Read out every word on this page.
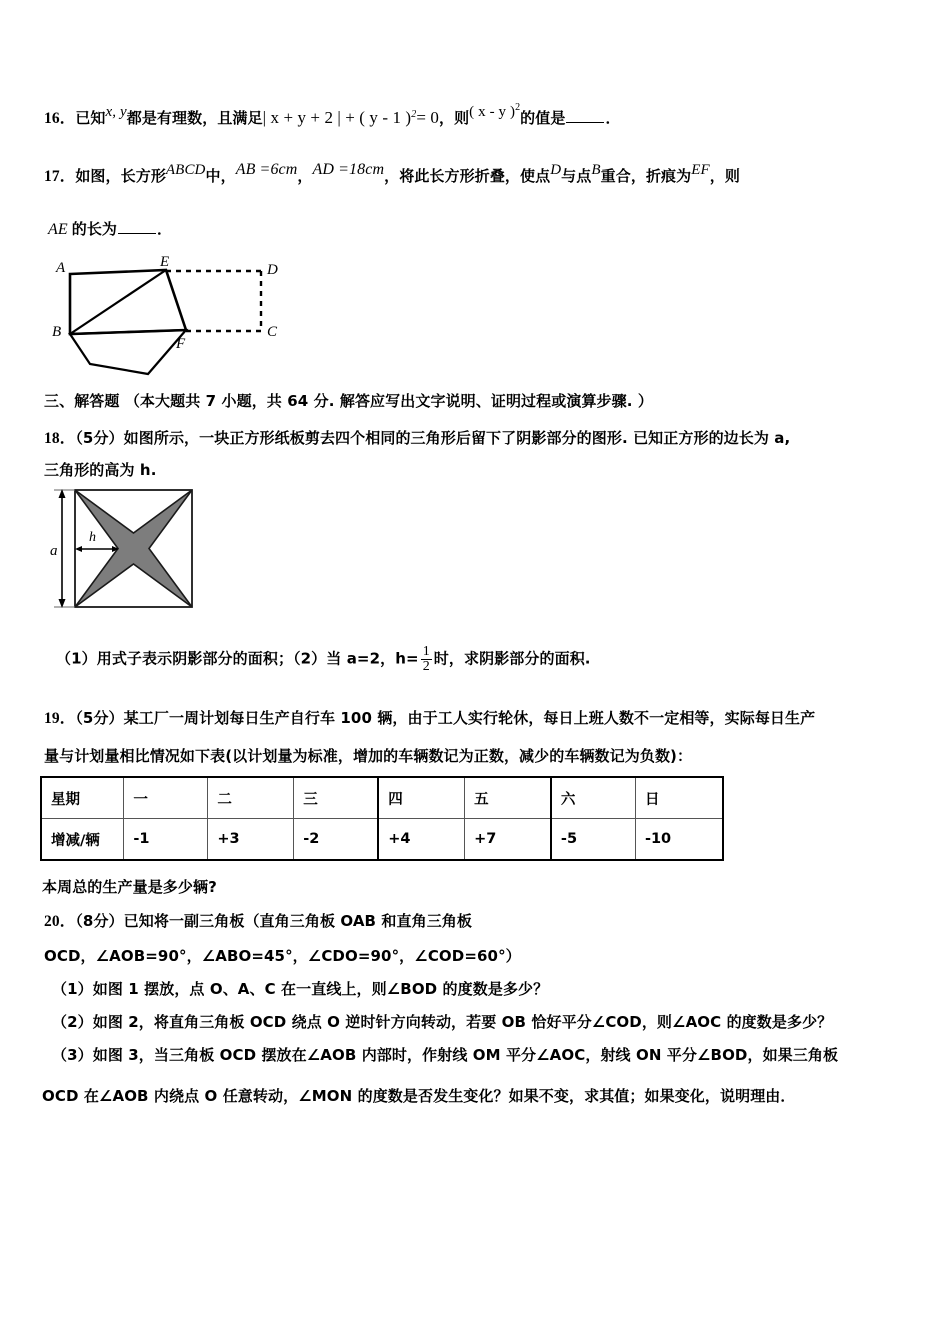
16．已知x, y都是有理数，且满足| x + y + 2 | + ( y - 1 )$^2$= 0，则( x - y )$^2$的值是	．
17．如图，长方形ABCD中，AB =6cm，AD =18cm，将此长方形折叠，使点D与点B重合，折痕为EF，则
AE 的长为	．
A
B
E	D
C
F
三、解答题 （本大题共 7 小题，共 64 分. 解答应写出文字说明、证明过程或演算步骤. ）
18．（5分）如图所示，一块正方形纸板剪去四个相同的三角形后留下了阴影部分的图形. 已知正方形的边长为 a,
三角形的高为 h.
a
h
（1）用式子表示阴影部分的面积；（2）当 a=2，$h= \frac{1}{2}$ 时，求阴影部分的面积.
19．（5分）某工厂一周计划每日生产自行车 100 辆，由于工人实行轮休，每日上班人数不一定相等，实际每日生产
量与计划量相比情况如下表(以计划量为标准，增加的车辆数记为正数，减少的车辆数记为负数)：
星期	一	二	三	四	五	六	日
增减/辆	-1	+3	-2	+4	+7	-5	-10
本周总的生产量是多少辆?
20．（8分）已知将一副三角板（直角三角板 OAB 和直角三角板
OCD，∠AOB=90°，∠ABO=45°，∠CDO=90°，∠COD=60°）
（1）如图 1 摆放，点 O、A、C 在一直线上，则∠BOD 的度数是多少？
（2）如图 2，将直角三角板 OCD 绕点 O 逆时针方向转动，若要 OB 恰好平分∠COD，则∠AOC 的度数是多少？
（3）如图 3，当三角板 OCD 摆放在∠AOB 内部时，作射线 OM 平分∠AOC，射线 ON 平分∠BOD，如果三角板
OCD 在∠AOB 内绕点 O 任意转动，∠MON 的度数是否发生变化？如果不变，求其值；如果变化，说明理由．
